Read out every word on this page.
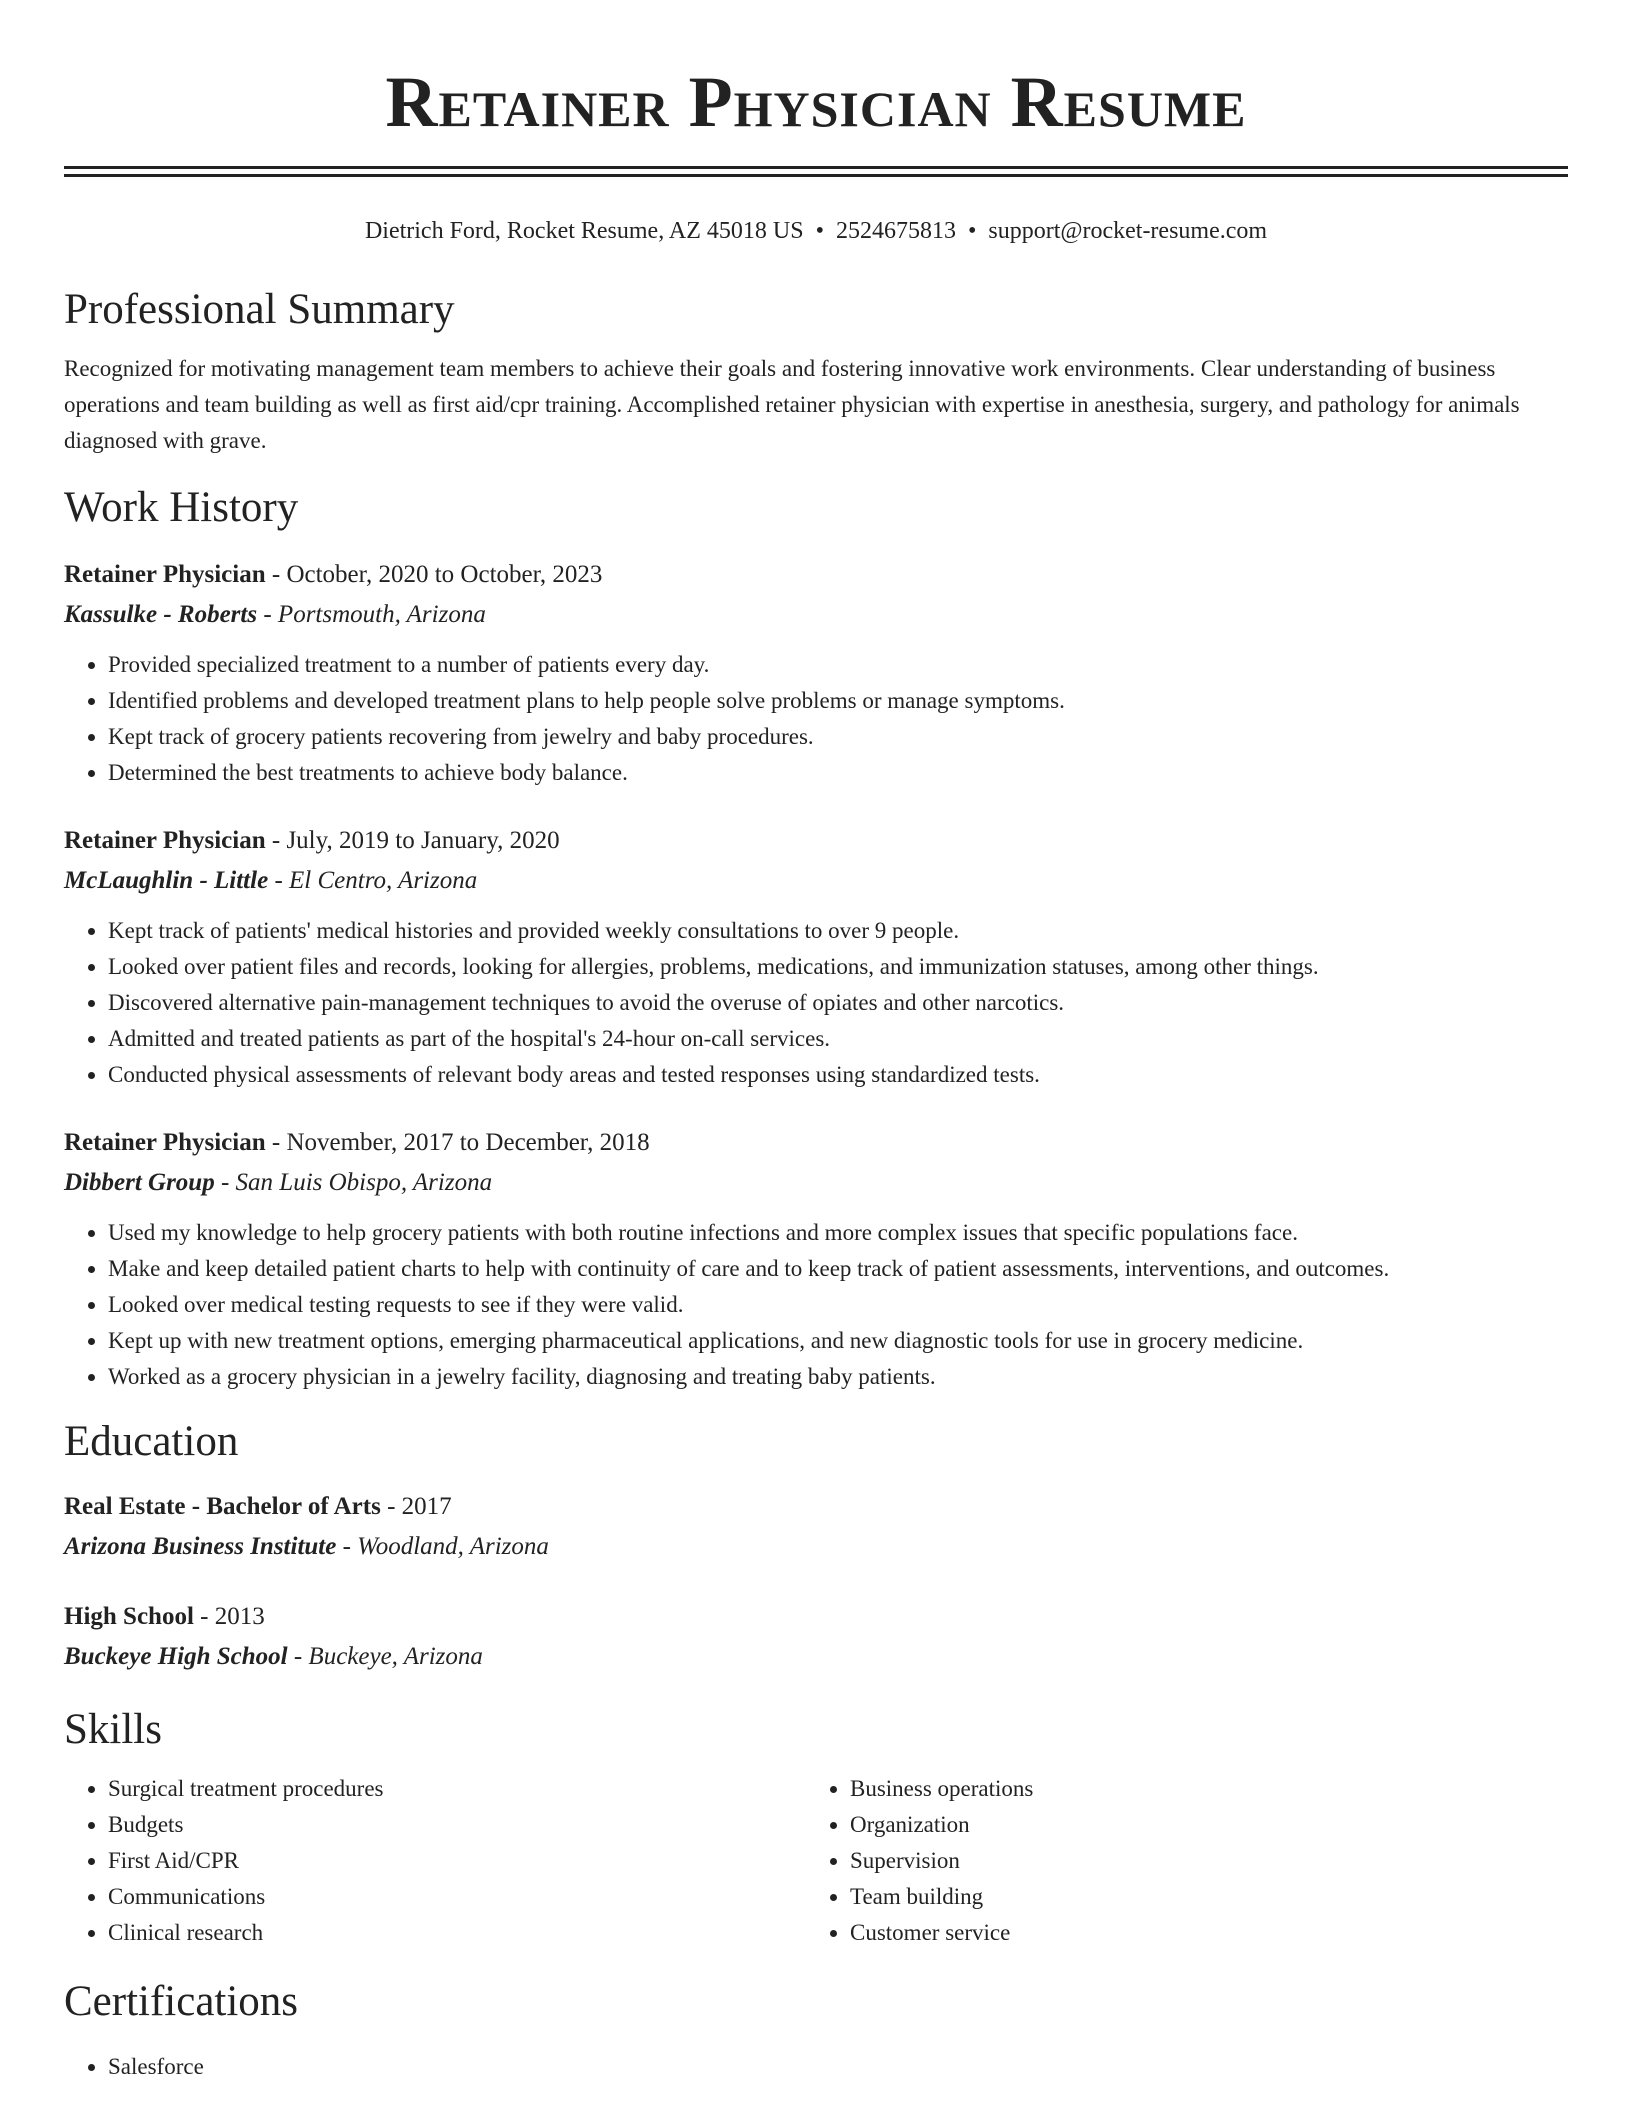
Retainer Physician Resume
Dietrich Ford, Rocket Resume, AZ 45018 US • 2524675813 • support@rocket-resume.com
Professional Summary

Recognized for motivating management team members to achieve their goals and fostering innovative work environments. Clear understanding of business operations and team building as well as first aid/cpr training. Accomplished retainer physician with expertise in anesthesia, surgery, and pathology for animals diagnosed with grave.

Work History
Retainer Physician - October, 2020 to October, 2023
Kassulke - Roberts - Portsmouth, Arizona
• Provided specialized treatment to a number of patients every day.
• Identified problems and developed treatment plans to help people solve problems or manage symptoms.
• Kept track of grocery patients recovering from jewelry and baby procedures.
• Determined the best treatments to achieve body balance.
Retainer Physician - July, 2019 to January, 2020
McLaughlin - Little - El Centro, Arizona
• Kept track of patients' medical histories and provided weekly consultations to over 9 people.
• Looked over patient files and records, looking for allergies, problems, medications, and immunization statuses, among other things.
• Discovered alternative pain-management techniques to avoid the overuse of opiates and other narcotics.
• Admitted and treated patients as part of the hospital's 24-hour on-call services.
• Conducted physical assessments of relevant body areas and tested responses using standardized tests.
Retainer Physician - November, 2017 to December, 2018
Dibbert Group - San Luis Obispo, Arizona
• Used my knowledge to help grocery patients with both routine infections and more complex issues that specific populations face.
• Make and keep detailed patient charts to help with continuity of care and to keep track of patient assessments, interventions, and outcomes.
• Looked over medical testing requests to see if they were valid.
• Kept up with new treatment options, emerging pharmaceutical applications, and new diagnostic tools for use in grocery medicine.
• Worked as a grocery physician in a jewelry facility, diagnosing and treating baby patients.
Education
Real Estate - Bachelor of Arts - 2017
Arizona Business Institute - Woodland, Arizona
High School - 2013
Buckeye High School - Buckeye, Arizona
Skills
• Surgical treatment procedures
• Budgets
• First Aid/CPR
• Communications
• Clinical research
• Business operations
• Organization
• Supervision
• Team building
• Customer service
Certifications
• Salesforce
